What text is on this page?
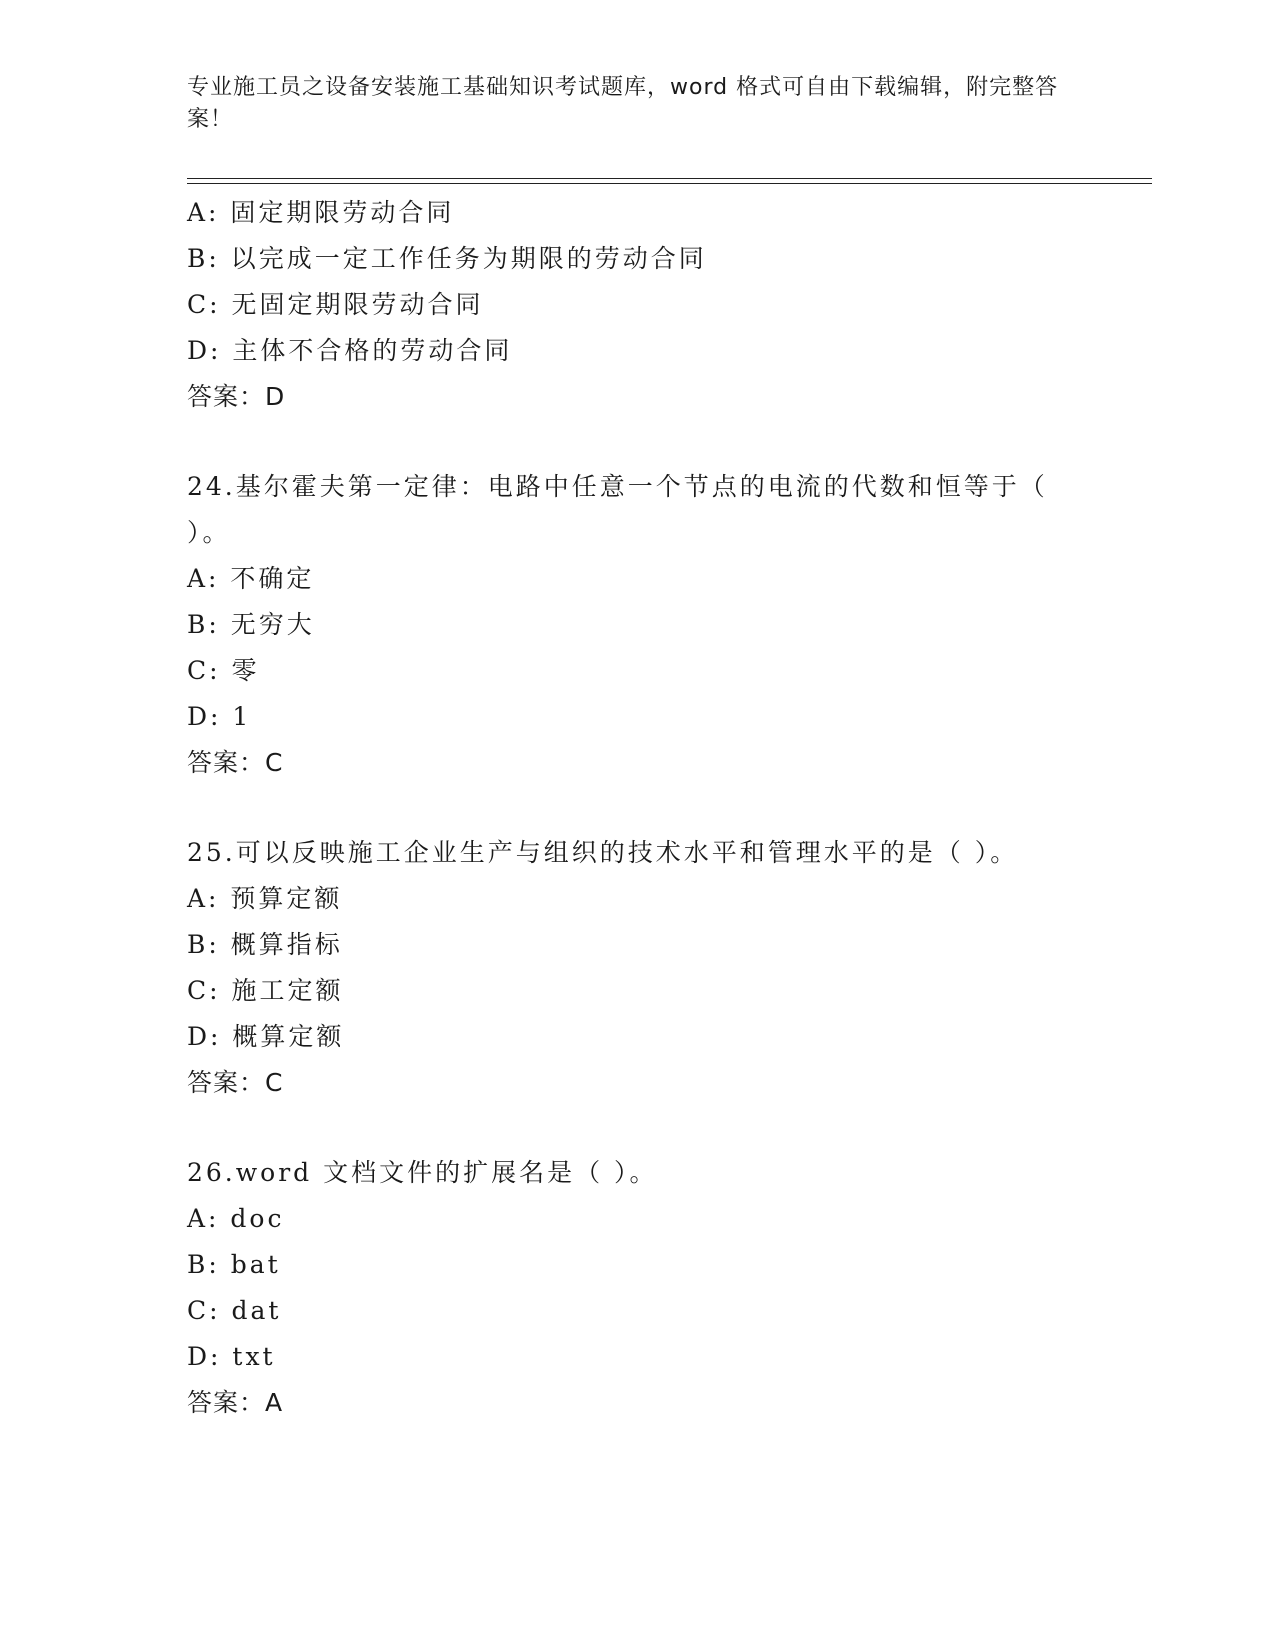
专业施工员之设备安装施工基础知识考试题库，word 格式可自由下载编辑，附完整答案！
A: 固定期限劳动合同
B: 以完成一定工作任务为期限的劳动合同
C: 无固定期限劳动合同
D: 主体不合格的劳动合同
答案：D
24.基尔霍夫第一定律：电路中任意一个节点的电流的代数和恒等于（ ）。
A: 不确定
B: 无穷大
C: 零
D: 1
答案：C
25.可以反映施工企业生产与组织的技术水平和管理水平的是（ ）。
A: 预算定额
B: 概算指标
C: 施工定额
D: 概算定额
答案：C
26.word 文档文件的扩展名是（ ）。
A: doc
B: bat
C: dat
D: txt
答案：A
